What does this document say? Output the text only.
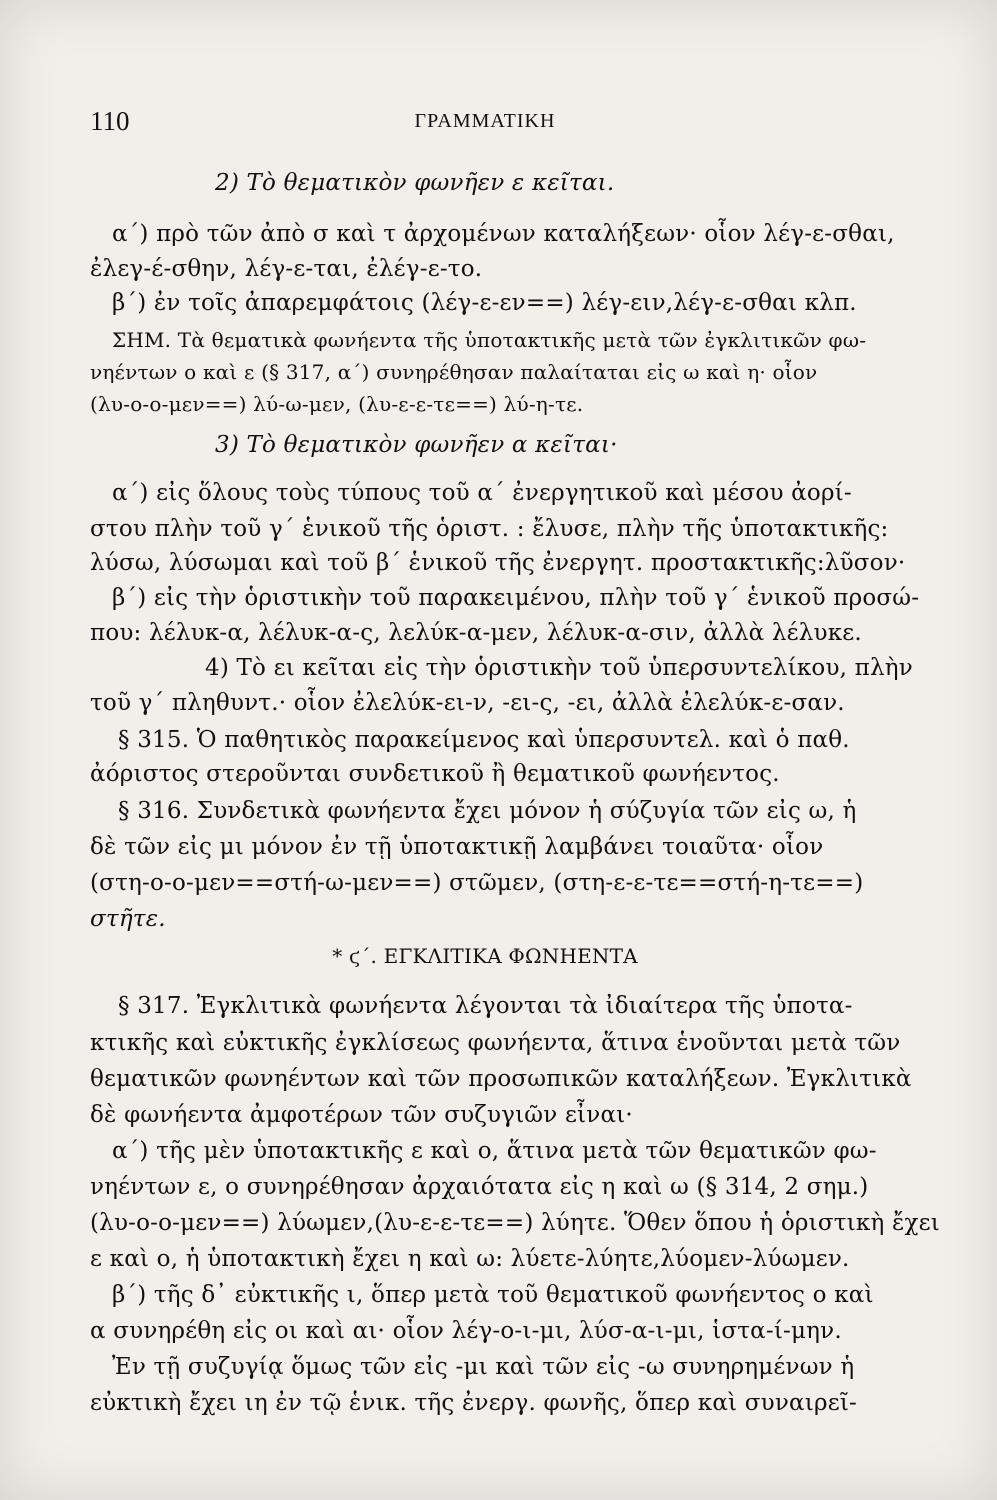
110	ΓΡΑΜΜΑΤΙΚΗ
2) Τὸ θεματικὸν φωνῆεν ε κεῖται.
α΄) πρὸ τῶν ἀπὸ σ καὶ τ ἀρχομένων καταλήξεων· οἷον λέγ-ε-σθαι,
ἐλεγ-έ-σθην, λέγ-ε-ται, ἐλέγ-ε-το.
β΄) ἐν τοῖς ἀπαρεμφάτοις (λέγ-ε-εν==) λέγ-ειν,λέγ-ε-σθαι κλπ.
ΣΗΜ. Τὰ θεματικὰ φωνήεντα τῆς ὑποτακτικῆς μετὰ τῶν ἐγκλιτικῶν φω-
νηέντων ο καὶ ε (§ 317, α΄) συνηρέθησαν παλαίταται εἰς ω καὶ η· οἷον
(λυ-ο-ο-μεν==) λύ-ω-μεν, (λυ-ε-ε-τε==) λύ-η-τε.
3) Τὸ θεματικὸν φωνῆεν α κεῖται·
α΄) εἰς ὅλους τοὺς τύπους τοῦ α΄ ἐνεργητικοῦ καὶ μέσου ἀορί-
στου πλὴν τοῦ γ΄ ἑνικοῦ τῆς ὁριστ. : ἔλυσε, πλὴν τῆς ὑποτακτικῆς:
λύσω, λύσωμαι καὶ τοῦ β΄ ἑνικοῦ τῆς ἐνεργητ. προστακτικῆς:λῦσον·
β΄) εἰς τὴν ὁριστικὴν τοῦ παρακειμένου, πλὴν τοῦ γ΄ ἑνικοῦ προσώ-
που: λέλυκ-α, λέλυκ-α-ς, λελύκ-α-μεν, λέλυκ-α-σιν, ἀλλὰ λέλυκε.
4) Τὸ ει κεῖται εἰς τὴν ὁριστικὴν τοῦ ὑπερσυντελίκου, πλὴν
τοῦ γ΄ πληθυντ.· οἷον ἐλελύκ-ει-ν, -ει-ς, -ει, ἀλλὰ ἐλελύκ-ε-σαν.
§ 315. Ὁ παθητικὸς παρακείμενος καὶ ὑπερσυντελ. καὶ ὁ παθ.
ἀόριστος στεροῦνται συνδετικοῦ ἢ θεματικοῦ φωνήεντος.
§ 316. Συνδετικὰ φωνήεντα ἔχει μόνον ἡ σύζυγία τῶν εἰς ω, ἡ
δὲ τῶν εἰς μι μόνον ἐν τῇ ὑποτακτικῇ λαμβάνει τοιαῦτα· οἷον
(στη-ο-ο-μεν==στή-ω-μεν==) στῶμεν, (στη-ε-ε-τε==στή-η-τε==)
στῆτε.
* ϛ΄. ΕΓΚΛΙΤΙΚΑ ΦΩΝΗΕΝΤΑ
§ 317. Ἐγκλιτικὰ φωνήεντα λέγονται τὰ ἰδιαίτερα τῆς ὑποτα-
κτικῆς καὶ εὐκτικῆς ἐγκλίσεως φωνήεντα, ἅτινα ἑνοῦνται μετὰ τῶν
θεματικῶν φωνηέντων καὶ τῶν προσωπικῶν καταλήξεων. Ἐγκλιτικὰ
δὲ φωνήεντα ἀμφοτέρων τῶν συζυγιῶν εἶναι·
α΄) τῆς μὲν ὑποτακτικῆς ε καὶ ο, ἅτινα μετὰ τῶν θεματικῶν φω-
νηέντων ε, ο συνηρέθησαν ἀρχαιότατα εἰς η καὶ ω (§ 314, 2 σημ.)
(λυ-ο-ο-μεν==) λύωμεν,(λυ-ε-ε-τε==) λύητε. Ὅθεν ὅπου ἡ ὁριστικὴ ἔχει
ε καὶ ο, ἡ ὑποτακτικὴ ἔχει η καὶ ω: λύετε-λύητε,λύομεν-λύωμεν.
β΄) τῆς δ᾿ εὐκτικῆς ι, ὅπερ μετὰ τοῦ θεματικοῦ φωνήεντος ο καὶ
α συνηρέθη εἰς οι καὶ αι· οἷον λέγ-ο-ι-μι, λύσ-α-ι-μι, ἱστα-ί-μην.
Ἐν τῇ συζυγίᾳ ὅμως τῶν εἰς -μι καὶ τῶν εἰς -ω συνηρημένων ἡ
εὐκτικὴ ἔχει ιη ἐν τῷ ἑνικ. τῆς ἐνεργ. φωνῆς, ὅπερ καὶ συναιρεῖ-
